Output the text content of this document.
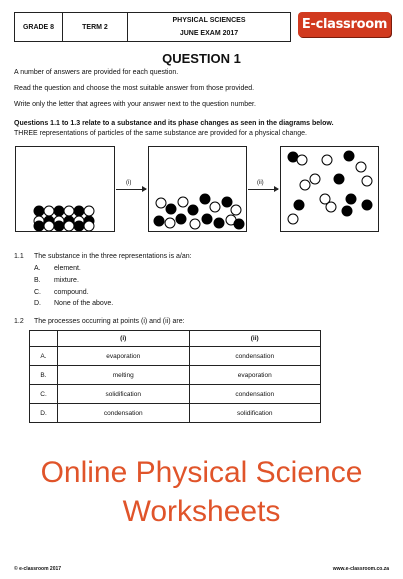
GRADE 8	TERM 2	
PHYSICAL SCIENCES
JUNE EXAM 2017
E-classroom
QUESTION 1
A number of answers are provided for each question.
Read the question and choose the most suitable answer from those provided.
Write only the letter that agrees with your answer next to the question number.
Questions 1.1 to 1.3 relate to a substance and its phase changes as seen in the diagrams below.
THREE representations of particles of the same substance are provided for a physical change.
(i)	(ii)
1.1 The substance in the three representations is a/an:
A. element.
B. mixture.
C. compound.
D. None of the above.
1.2 The processes occurring at points (i) and (ii) are:
	(i)	(ii)
A.	evaporation	condensation
B.	melting	evaporation
C.	solidification	condensation
D.	condensation	solidification
Online Physical Science
Worksheets
© e-classroom 2017	www.e-classroom.co.za
